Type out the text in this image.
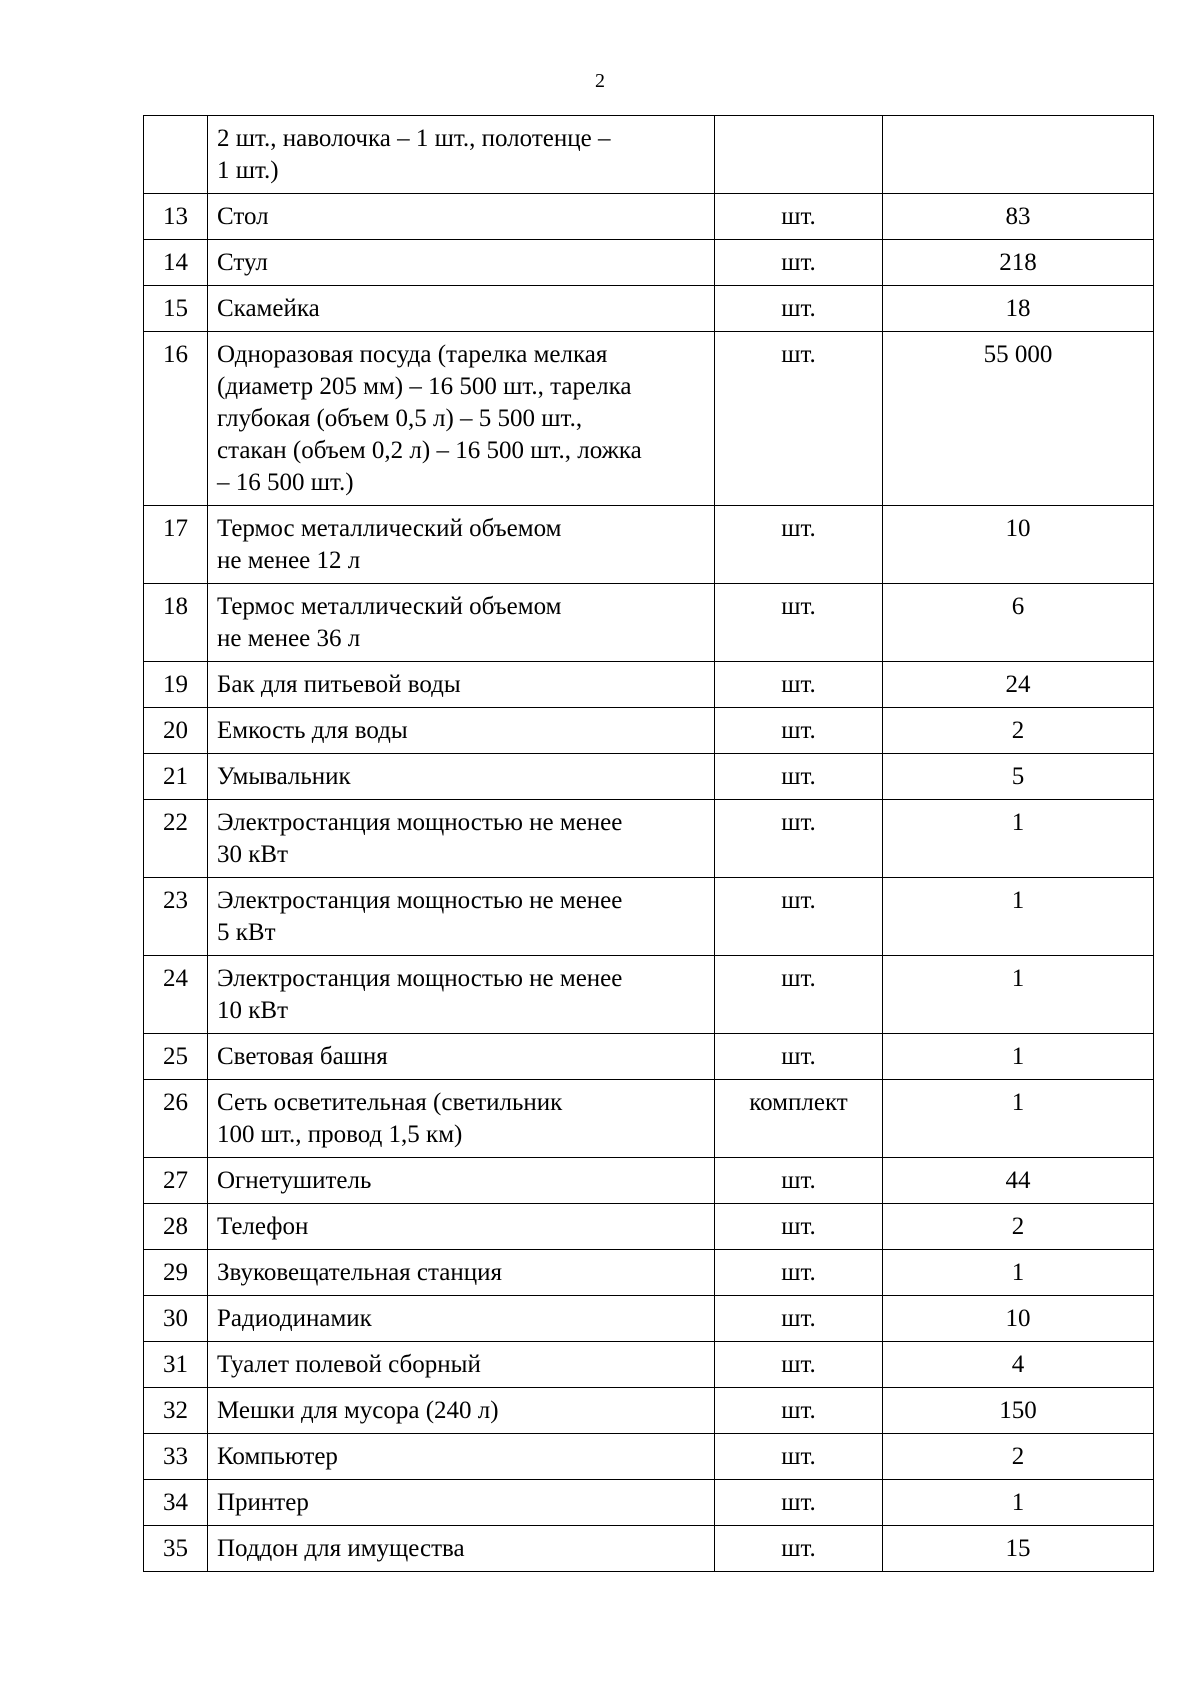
2
	2 шт., наволочка – 1 шт., полотенце –
1 шт.)		
13	Стол	шт.	83
14	Стул	шт.	218
15	Скамейка	шт.	18
16	Одноразовая посуда (тарелка мелкая
(диаметр 205 мм) – 16 500 шт., тарелка
глубокая (объем 0,5 л) – 5 500 шт.,
стакан (объем 0,2 л) – 16 500 шт., ложка
– 16 500 шт.)	шт.	55 000
17	Термос металлический объемом
не менее 12 л	шт.	10
18	Термос металлический объемом
не менее 36 л	шт.	6
19	Бак для питьевой воды	шт.	24
20	Емкость для воды	шт.	2
21	Умывальник	шт.	5
22	Электростанция мощностью не менее
30 кВт	шт.	1
23	Электростанция мощностью не менее
5 кВт	шт.	1
24	Электростанция мощностью не менее
10 кВт	шт.	1
25	Световая башня	шт.	1
26	Сеть осветительная (светильник
100 шт., провод 1,5 км)	комплект	1
27	Огнетушитель	шт.	44
28	Телефон	шт.	2
29	Звуковещательная станция	шт.	1
30	Радиодинамик	шт.	10
31	Туалет полевой сборный	шт.	4
32	Мешки для мусора (240 л)	шт.	150
33	Компьютер	шт.	2
34	Принтер	шт.	1
35	Поддон для имущества	шт.	15
